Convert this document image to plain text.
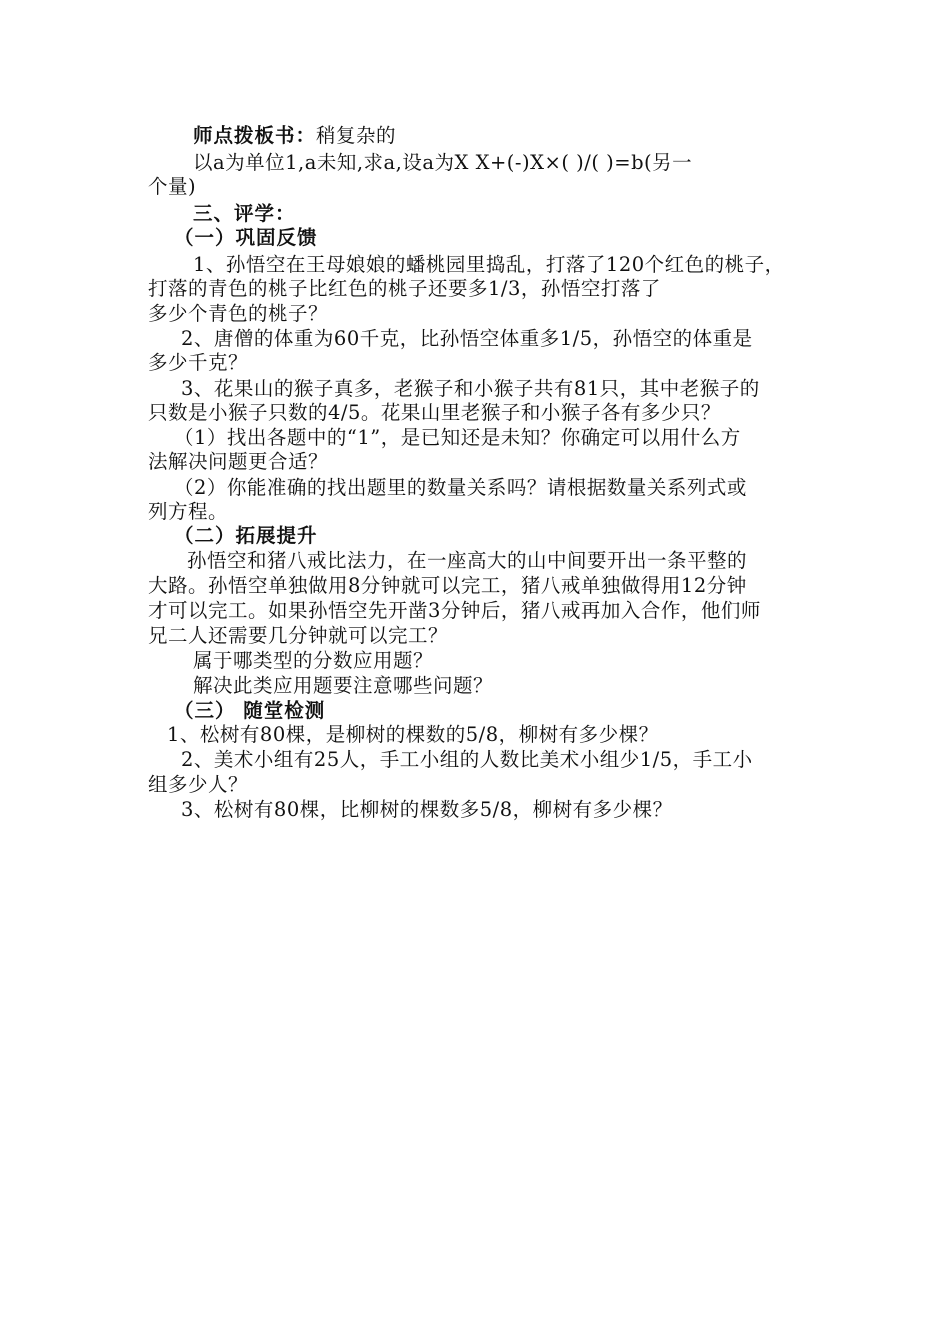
师点拨板书：稍复杂的
以a为单位1,a未知,求a,设a为X X+(-)X×( )/( )=b(另一
个量)
三、评学：
（一）巩固反馈
1、孙悟空在王母娘娘的蟠桃园里捣乱，打落了120个红色的桃子，
打落的青色的桃子比红色的桃子还要多1/3，孙悟空打落了
多少个青色的桃子？
2、唐僧的体重为60千克，比孙悟空体重多1/5，孙悟空的体重是
多少千克？
3、花果山的猴子真多，老猴子和小猴子共有81只，其中老猴子的
只数是小猴子只数的4/5。花果山里老猴子和小猴子各有多少只？
（1）找出各题中的“1”，是已知还是未知？你确定可以用什么方
法解决问题更合适？
（2）你能准确的找出题里的数量关系吗？请根据数量关系列式或
列方程。
（二）拓展提升
孙悟空和猪八戒比法力，在一座高大的山中间要开出一条平整的
大路。孙悟空单独做用8分钟就可以完工，猪八戒单独做得用12分钟
才可以完工。如果孙悟空先开凿3分钟后，猪八戒再加入合作，他们师
兄二人还需要几分钟就可以完工？
属于哪类型的分数应用题？
解决此类应用题要注意哪些问题？
（三） 随堂检测
1、松树有80棵，是柳树的棵数的5/8，柳树有多少棵？
2、美术小组有25人，手工小组的人数比美术小组少1/5，手工小
组多少人？
3、松树有80棵，比柳树的棵数多5/8，柳树有多少棵？
